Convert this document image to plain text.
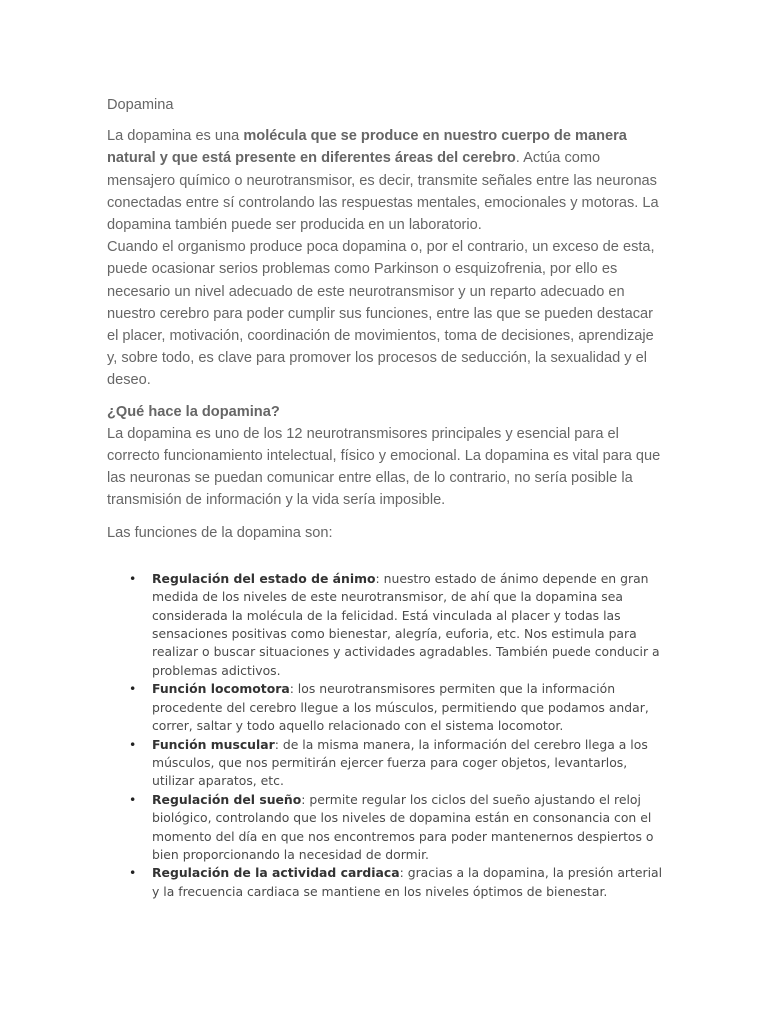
Dopamina

La dopamina es una molécula que se produce en nuestro cuerpo de manera natural y que está presente en diferentes áreas del cerebro. Actúa como mensajero químico o neurotransmisor, es decir, transmite señales entre las neuronas conectadas entre sí controlando las respuestas mentales, emocionales y motoras. La dopamina también puede ser producida en un laboratorio.
Cuando el organismo produce poca dopamina o, por el contrario, un exceso de esta, puede ocasionar serios problemas como Parkinson o esquizofrenia, por ello es necesario un nivel adecuado de este neurotransmisor y un reparto adecuado en nuestro cerebro para poder cumplir sus funciones, entre las que se pueden destacar el placer, motivación, coordinación de movimientos, toma de decisiones, aprendizaje y, sobre todo, es clave para promover los procesos de seducción, la sexualidad y el deseo.

¿Qué hace la dopamina?

La dopamina es uno de los 12 neurotransmisores principales y esencial para el correcto funcionamiento intelectual, físico y emocional. La dopamina es vital para que las neuronas se puedan comunicar entre ellas, de lo contrario, no sería posible la transmisión de información y la vida sería imposible.

Las funciones de la dopamina son:

• Regulación del estado de ánimo: nuestro estado de ánimo depende en gran medida de los niveles de este neurotransmisor, de ahí que la dopamina sea considerada la molécula de la felicidad. Está vinculada al placer y todas las sensaciones positivas como bienestar, alegría, euforia, etc. Nos estimula para realizar o buscar situaciones y actividades agradables. También puede conducir a problemas adictivos.
• Función locomotora: los neurotransmisores permiten que la información procedente del cerebro llegue a los músculos, permitiendo que podamos andar, correr, saltar y todo aquello relacionado con el sistema locomotor.
• Función muscular: de la misma manera, la información del cerebro llega a los músculos, que nos permitirán ejercer fuerza para coger objetos, levantarlos, utilizar aparatos, etc.
• Regulación del sueño: permite regular los ciclos del sueño ajustando el reloj biológico, controlando que los niveles de dopamina están en consonancia con el momento del día en que nos encontremos para poder mantenernos despiertos o bien proporcionando la necesidad de dormir.
• Regulación de la actividad cardiaca: gracias a la dopamina, la presión arterial y la frecuencia cardiaca se mantiene en los niveles óptimos de bienestar.
